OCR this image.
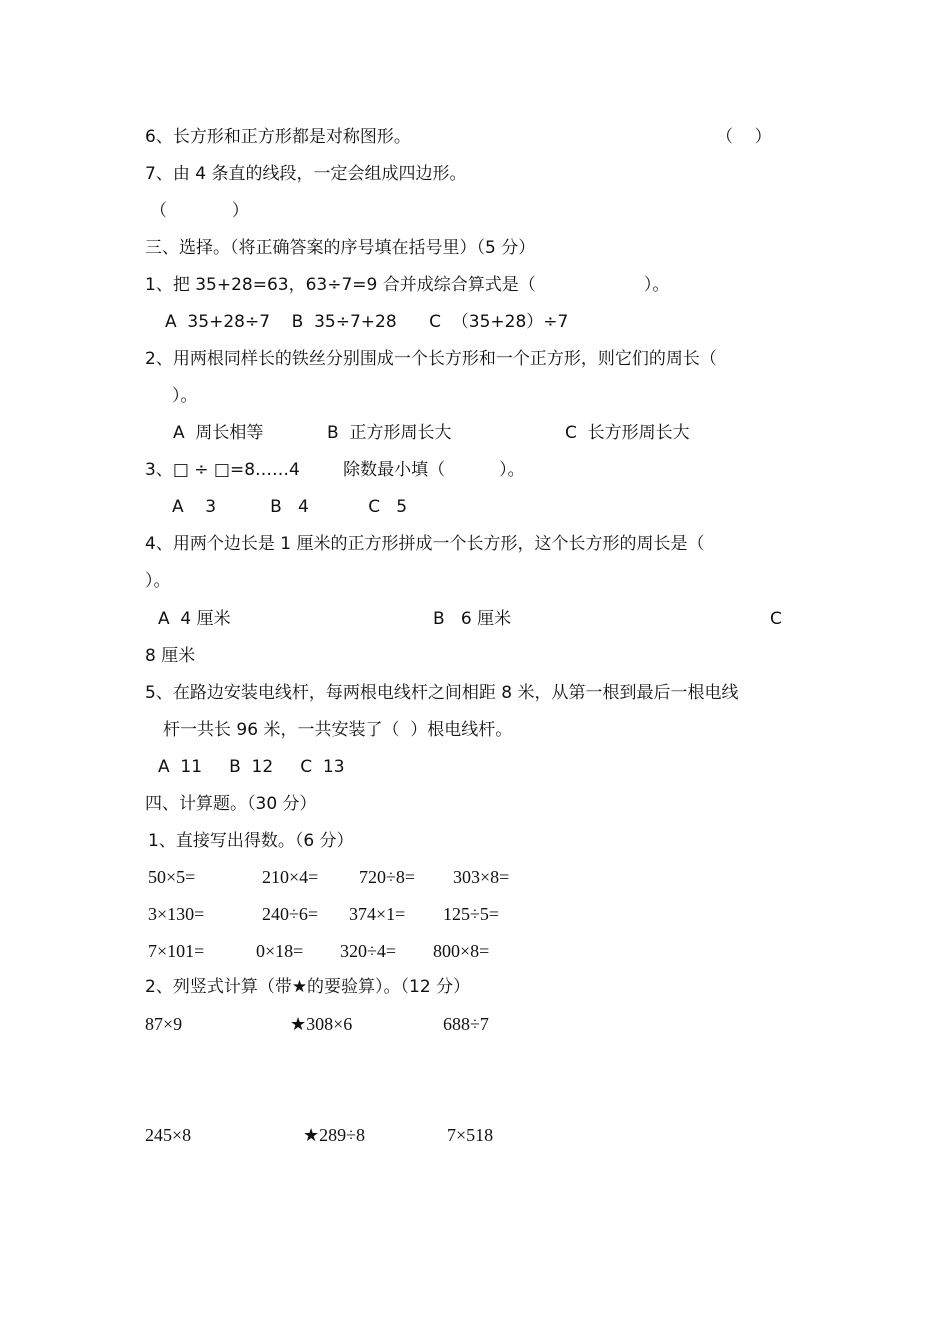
6、长方形和正方形都是对称图形。	（    ）
7、由 4 条直的线段，一定会组成四边形。
（            ）
三、选择。（将正确答案的序号填在括号里）（5 分）
1、把 35+28=63，63÷7=9 合并成综合算式是（                    ）。
A  35+28÷7    B  35÷7+28      C  （35+28）÷7
2、用两根同样长的铁丝分别围成一个长方形和一个正方形，则它们的周长（
）。
A  周长相等	B  正方形周长大	C  长方形周长大
3、□ ÷ □=8……4        除数最小填（          ）。
A    3          B   4           C   5
4、用两个边长是 1 厘米的正方形拼成一个长方形，这个长方形的周长是（
）。
A  4 厘米	B   6 厘米	C
8 厘米
5、在路边安装电线杆，每两根电线杆之间相距 8 米，从第一根到最后一根电线
杆一共长 96 米，一共安装了（  ）根电线杆。
A  11     B  12     C  13
四、计算题。（30 分）
1、直接写出得数。（6 分）
50×5=	210×4= 720÷8= 303×8=
3×130=	240÷6= 374×1= 125÷5=
7×101=	0×18= 320÷4= 800×8=
2、列竖式计算（带★的要验算）。（12 分）
87×9	★308×6	688÷7
245×8	★289÷8	7×518
